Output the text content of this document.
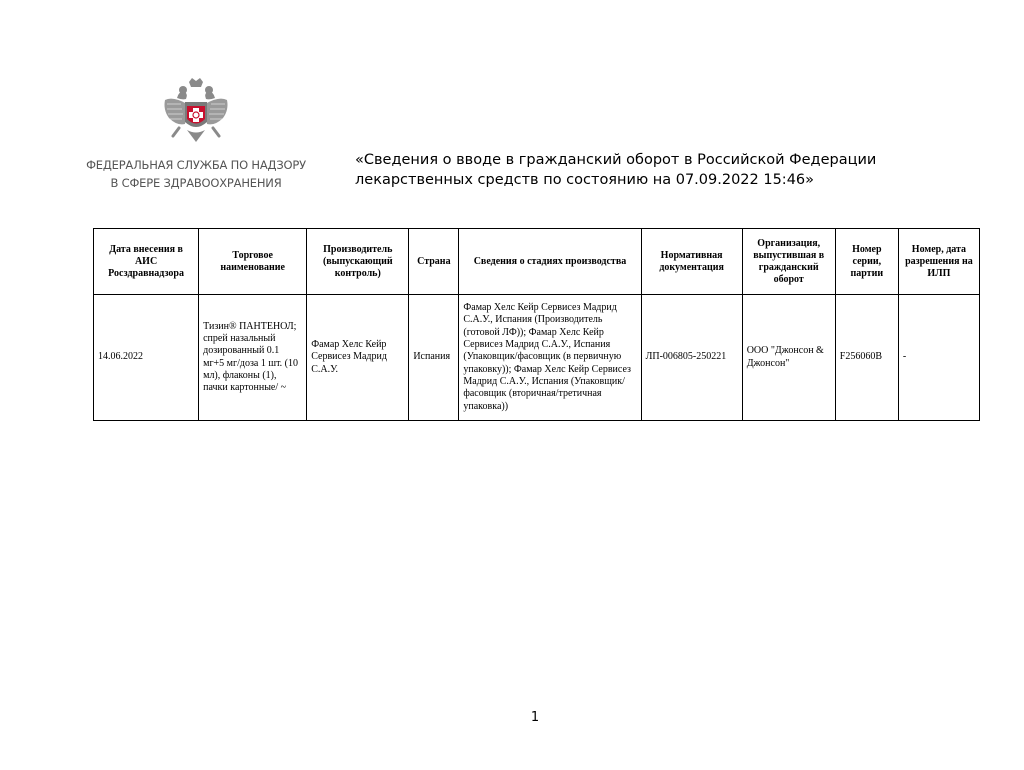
ФЕДЕРАЛЬНАЯ СЛУЖБА ПО НАДЗОРУ
В СФЕРЕ ЗДРАВООХРАНЕНИЯ
«Сведения о вводе в гражданский оборот в Российской Федерации
лекарственных средств по состоянию на 07.09.2022 15:46»
Дата внесения в АИС Росздравнадзора	Торговое наименование	Производитель (выпускающий контроль)	Страна	Сведения о стадиях производства	Нормативная документация	Организация, выпустившая в гражданский оборот	Номер серии, партии	Номер, дата разрешения на ИЛП
14.06.2022	Тизин® ПАНТЕНОЛ; спрей назальный дозированный 0.1 мг+5 мг/доза 1 шт. (10 мл), флаконы (1), пачки картонные/ ~	Фамар Хелс Кейр Сервисез Мадрид С.А.У.	Испания	Фамар Хелс Кейр Сервисез Мадрид С.А.У., Испания (Производитель (готовой ЛФ)); Фамар Хелс Кейр Сервисез Мадрид С.А.У., Испания (Упаковщик/фасовщик (в первичную упаковку)); Фамар Хелс Кейр Сервисез Мадрид С.А.У., Испания (Упаковщик/фасовщик (вторичная/третичная упаковка))	ЛП-006805-250221	ООО "Джонсон & Джонсон"	F256060B	-
1
